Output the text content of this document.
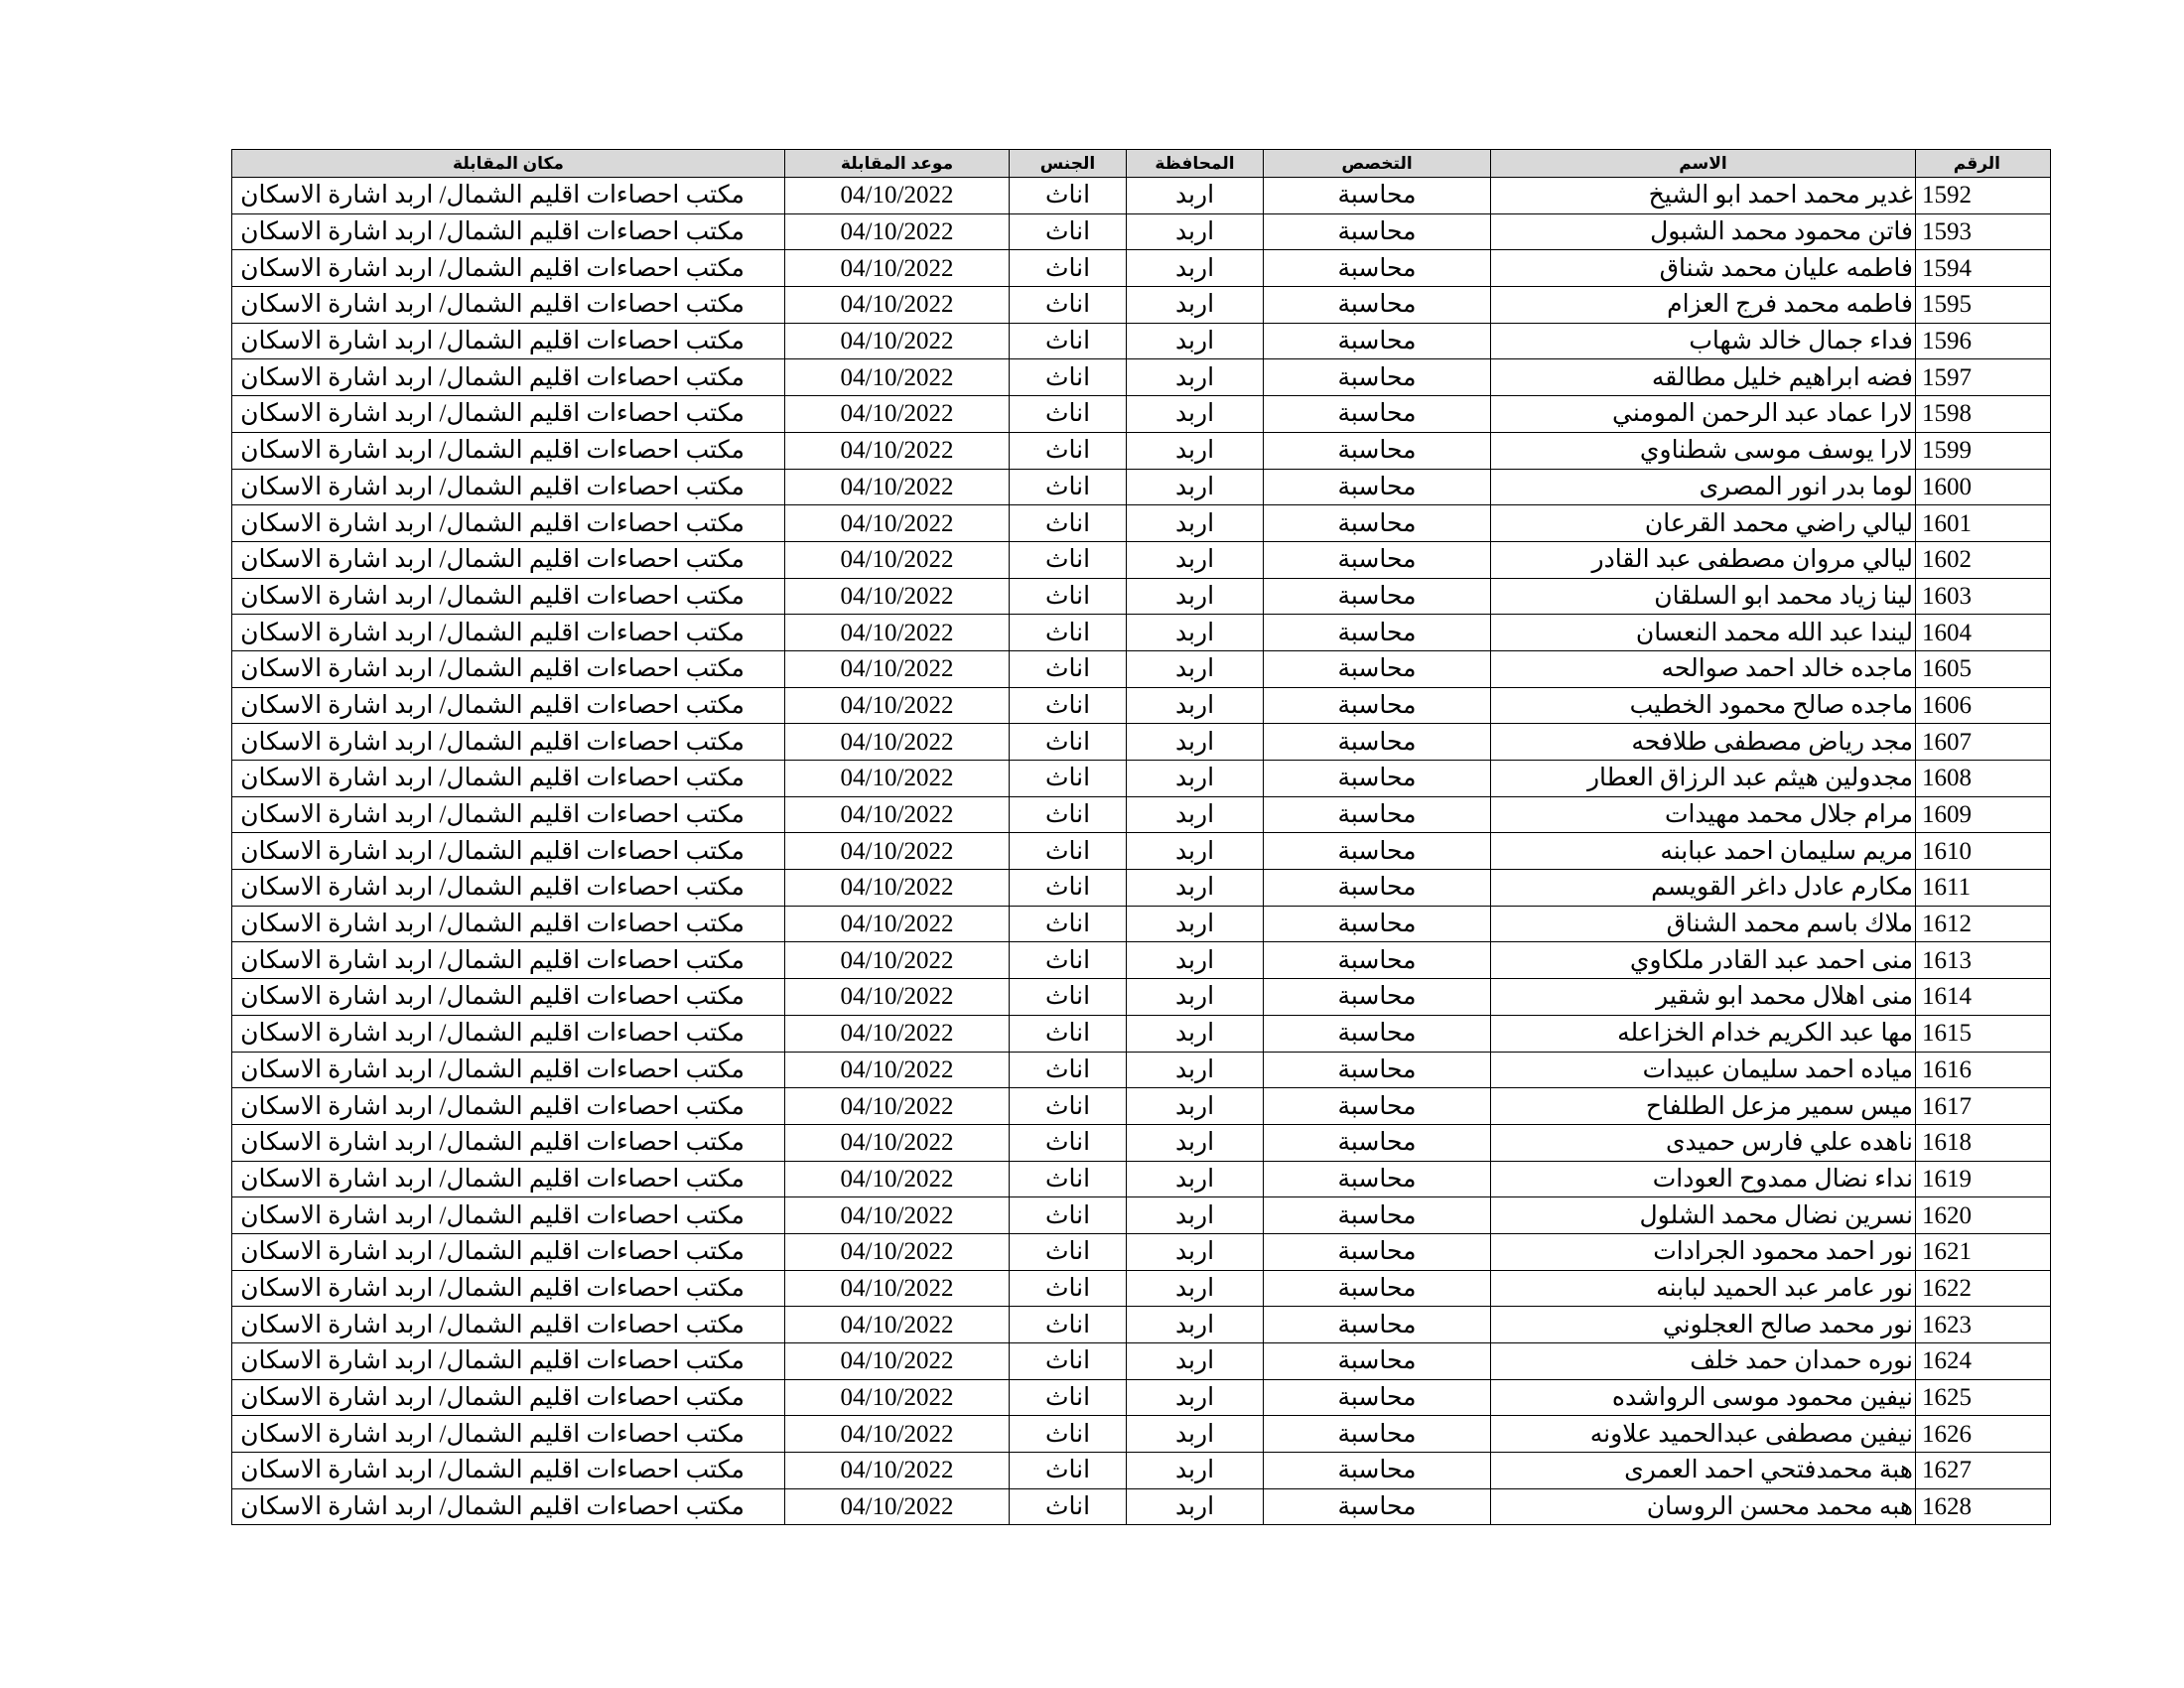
الرقم	الاسم	التخصص	المحافظة	الجنس	موعد المقابلة	مكان المقابلة
1592	غدير محمد احمد ابو الشيخ	محاسبة	اربد	اناث	04/10/2022	مكتب احصاءات اقليم الشمال/ اربد اشارة الاسكان
1593	فاتن محمود محمد الشبول	محاسبة	اربد	اناث	04/10/2022	مكتب احصاءات اقليم الشمال/ اربد اشارة الاسكان
1594	فاطمه عليان محمد شناق	محاسبة	اربد	اناث	04/10/2022	مكتب احصاءات اقليم الشمال/ اربد اشارة الاسكان
1595	فاطمه محمد فرج العزام	محاسبة	اربد	اناث	04/10/2022	مكتب احصاءات اقليم الشمال/ اربد اشارة الاسكان
1596	فداء جمال خالد شهاب	محاسبة	اربد	اناث	04/10/2022	مكتب احصاءات اقليم الشمال/ اربد اشارة الاسكان
1597	فضه ابراهيم خليل مطالقه	محاسبة	اربد	اناث	04/10/2022	مكتب احصاءات اقليم الشمال/ اربد اشارة الاسكان
1598	لارا عماد عبد الرحمن المومني	محاسبة	اربد	اناث	04/10/2022	مكتب احصاءات اقليم الشمال/ اربد اشارة الاسكان
1599	لارا يوسف موسى شطناوي	محاسبة	اربد	اناث	04/10/2022	مكتب احصاءات اقليم الشمال/ اربد اشارة الاسكان
1600	لوما بدر انور المصرى	محاسبة	اربد	اناث	04/10/2022	مكتب احصاءات اقليم الشمال/ اربد اشارة الاسكان
1601	ليالي راضي محمد القرعان	محاسبة	اربد	اناث	04/10/2022	مكتب احصاءات اقليم الشمال/ اربد اشارة الاسكان
1602	ليالي مروان مصطفى عبد القادر	محاسبة	اربد	اناث	04/10/2022	مكتب احصاءات اقليم الشمال/ اربد اشارة الاسكان
1603	لينا زياد محمد ابو السلقان	محاسبة	اربد	اناث	04/10/2022	مكتب احصاءات اقليم الشمال/ اربد اشارة الاسكان
1604	ليندا عبد الله محمد النعسان	محاسبة	اربد	اناث	04/10/2022	مكتب احصاءات اقليم الشمال/ اربد اشارة الاسكان
1605	ماجده خالد احمد صوالحه	محاسبة	اربد	اناث	04/10/2022	مكتب احصاءات اقليم الشمال/ اربد اشارة الاسكان
1606	ماجده صالح محمود الخطيب	محاسبة	اربد	اناث	04/10/2022	مكتب احصاءات اقليم الشمال/ اربد اشارة الاسكان
1607	مجد رياض مصطفى طلافحه	محاسبة	اربد	اناث	04/10/2022	مكتب احصاءات اقليم الشمال/ اربد اشارة الاسكان
1608	مجدولين هيثم عبد الرزاق العطار	محاسبة	اربد	اناث	04/10/2022	مكتب احصاءات اقليم الشمال/ اربد اشارة الاسكان
1609	مرام جلال محمد مهيدات	محاسبة	اربد	اناث	04/10/2022	مكتب احصاءات اقليم الشمال/ اربد اشارة الاسكان
1610	مريم سليمان احمد عبابنه	محاسبة	اربد	اناث	04/10/2022	مكتب احصاءات اقليم الشمال/ اربد اشارة الاسكان
1611	مكارم عادل داغر القويسم	محاسبة	اربد	اناث	04/10/2022	مكتب احصاءات اقليم الشمال/ اربد اشارة الاسكان
1612	ملاك باسم محمد الشناق	محاسبة	اربد	اناث	04/10/2022	مكتب احصاءات اقليم الشمال/ اربد اشارة الاسكان
1613	منى احمد عبد القادر ملكاوي	محاسبة	اربد	اناث	04/10/2022	مكتب احصاءات اقليم الشمال/ اربد اشارة الاسكان
1614	منى اهلال محمد ابو شقير	محاسبة	اربد	اناث	04/10/2022	مكتب احصاءات اقليم الشمال/ اربد اشارة الاسكان
1615	مها عبد الكريم خدام الخزاعله	محاسبة	اربد	اناث	04/10/2022	مكتب احصاءات اقليم الشمال/ اربد اشارة الاسكان
1616	مياده احمد سليمان عبيدات	محاسبة	اربد	اناث	04/10/2022	مكتب احصاءات اقليم الشمال/ اربد اشارة الاسكان
1617	ميس سمير مزعل الطلفاح	محاسبة	اربد	اناث	04/10/2022	مكتب احصاءات اقليم الشمال/ اربد اشارة الاسكان
1618	ناهده علي فارس حميدى	محاسبة	اربد	اناث	04/10/2022	مكتب احصاءات اقليم الشمال/ اربد اشارة الاسكان
1619	نداء نضال ممدوح العودات	محاسبة	اربد	اناث	04/10/2022	مكتب احصاءات اقليم الشمال/ اربد اشارة الاسكان
1620	نسرين نضال محمد الشلول	محاسبة	اربد	اناث	04/10/2022	مكتب احصاءات اقليم الشمال/ اربد اشارة الاسكان
1621	نور احمد محمود الجرادات	محاسبة	اربد	اناث	04/10/2022	مكتب احصاءات اقليم الشمال/ اربد اشارة الاسكان
1622	نور عامر عبد الحميد لبابنه	محاسبة	اربد	اناث	04/10/2022	مكتب احصاءات اقليم الشمال/ اربد اشارة الاسكان
1623	نور محمد صالح العجلوني	محاسبة	اربد	اناث	04/10/2022	مكتب احصاءات اقليم الشمال/ اربد اشارة الاسكان
1624	نوره حمدان حمد خلف	محاسبة	اربد	اناث	04/10/2022	مكتب احصاءات اقليم الشمال/ اربد اشارة الاسكان
1625	نيفين محمود موسى الرواشده	محاسبة	اربد	اناث	04/10/2022	مكتب احصاءات اقليم الشمال/ اربد اشارة الاسكان
1626	نيفين مصطفى عبدالحميد علاونه	محاسبة	اربد	اناث	04/10/2022	مكتب احصاءات اقليم الشمال/ اربد اشارة الاسكان
1627	هبة محمدفتحي احمد العمرى	محاسبة	اربد	اناث	04/10/2022	مكتب احصاءات اقليم الشمال/ اربد اشارة الاسكان
1628	هبه محمد محسن الروسان	محاسبة	اربد	اناث	04/10/2022	مكتب احصاءات اقليم الشمال/ اربد اشارة الاسكان
